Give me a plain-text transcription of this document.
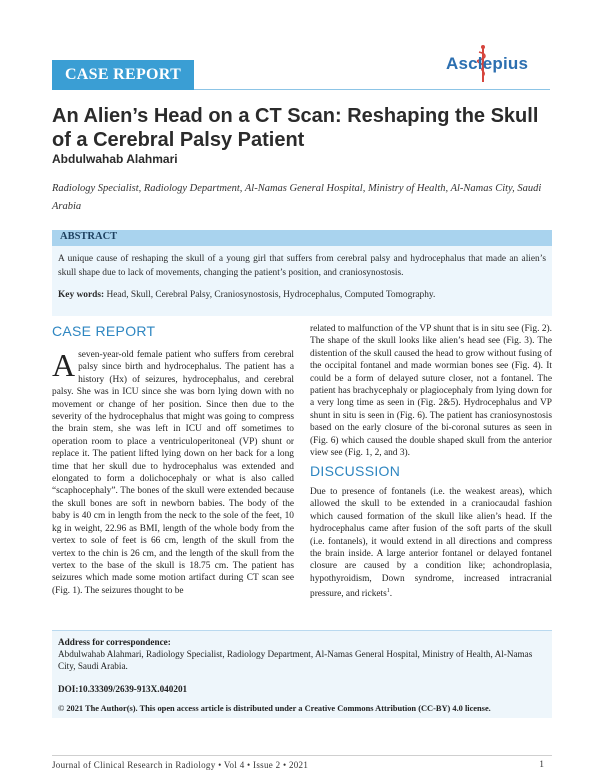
CASE REPORT
Asclepius
An Alien’s Head on a CT Scan: Reshaping the Skull of a Cerebral Palsy Patient
Abdulwahab Alahmari
Radiology Specialist, Radiology Department, Al-Namas General Hospital, Ministry of Health, Al-Namas City, Saudi Arabia
ABSTRACT
A unique cause of reshaping the skull of a young girl that suffers from cerebral palsy and hydrocephalus that made an alien’s skull shape due to lack of movements, changing the patient’s position, and craniosynostosis.
Key words: Head, Skull, Cerebral Palsy, Craniosynostosis, Hydrocephalus, Computed Tomography.
CASE REPORT
Aseven-year-old female patient who suffers from cerebral palsy since birth and hydrocephalus. The patient has a history (Hx) of seizures, hydrocephalus, and cerebral palsy. She was in ICU since she was born lying down with no movement or change of her position. Since then due to the severity of the hydrocephalus that might was going to compress the brain stem, she was left in ICU and off sometimes to operation room to place a ventriculoperitoneal (VP) shunt or replace it. The patient lifted lying down on her back for a long time that her skull due to hydrocephalus was extended and elongated to form a dolichocephaly or what is also called “scaphocephaly”. The bones of the skull were extended because the skull bones are soft in newborn babies. The body of the baby is 40 cm in length from the neck to the sole of the feet, 10 kg in weight, 22.96 as BMI, length of the whole body from the vertex to sole of feet is 66 cm, length of the skull from the vertex to the chin is 26 cm, and the length of the skull from the vertex to the base of the skull is 18.75 cm. The patient has seizures which made some motion artifact during CT scan see (Fig. 1). The seizures thought to be
related to malfunction of the VP shunt that is in situ see (Fig. 2). The shape of the skull looks like alien’s head see (Fig. 3). The distention of the skull caused the head to grow without fusing of the occipital fontanel and made wormian bones see (Fig. 4). It could be a form of delayed suture closer, not a fontanel. The patient has brachycephaly or plagiocephaly from lying down for a very long time as seen in (Fig. 2&5). Hydrocephalus and VP shunt in situ is seen in (Fig. 6). The patient has craniosynostosis based on the early closure of the bi-coronal sutures as seen in (Fig. 6) which caused the double shaped skull from the anterior view see (Fig. 1, 2, and 3).
DISCUSSION
Due to presence of fontanels (i.e. the weakest areas), which allowed the skull to be extended in a craniocaudal fashion which caused formation of the skull like alien’s head. If the hydrocephalus came after fusion of the soft parts of the skull (i.e. fontanels), it would extend in all directions and compress the brain inside. A large anterior fontanel or delayed fontanel closure are caused by a condition like; achondroplasia, hypothyroidism, Down syndrome, increased intracranial pressure, and rickets$^1$.
Address for correspondence:
Abdulwahab Alahmari, Radiology Specialist, Radiology Department, Al-Namas General Hospital, Ministry of Health, Al-Namas City, Saudi Arabia.
DOI:10.33309/2639-913X.040201
© 2021 The Author(s). This open access article is distributed under a Creative Commons Attribution (CC-BY) 4.0 license.
Journal of Clinical Research in Radiology • Vol 4 • Issue 2 • 2021	1
